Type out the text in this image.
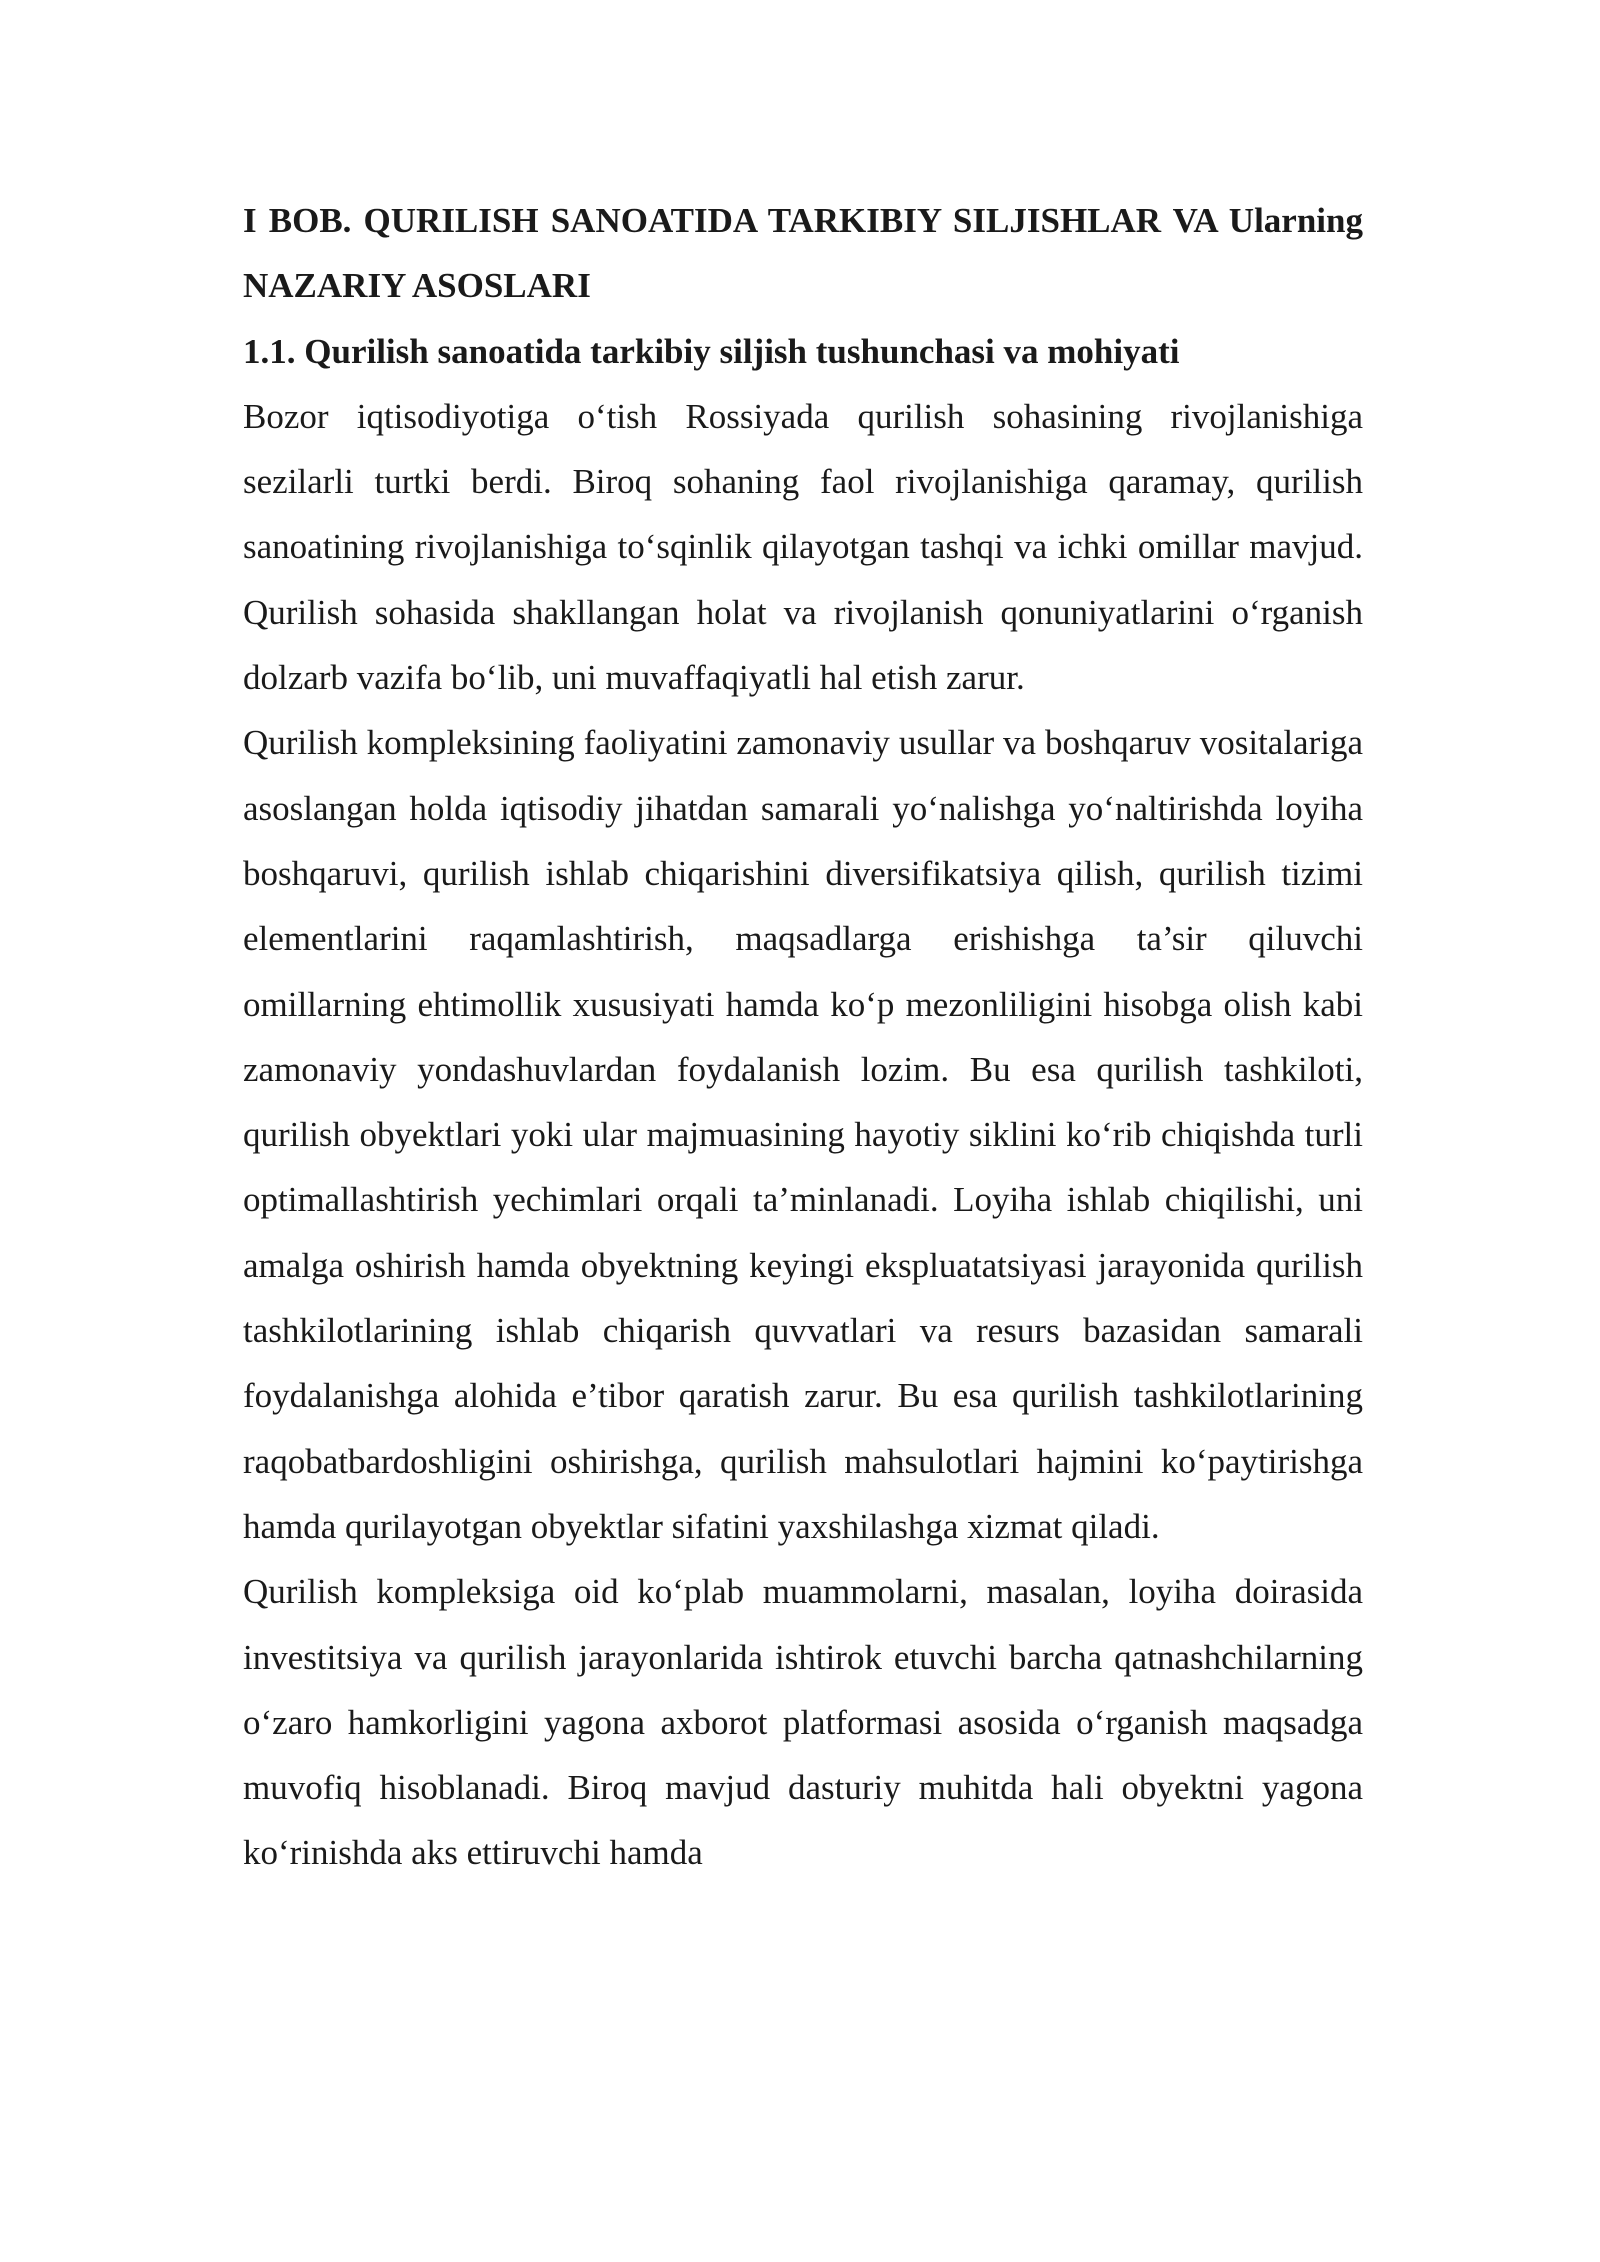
I BOB. QURILISH SANOATIDA TARKIBIY SILJISHLAR VA Ularning NAZARIY ASOSLARI

1.1. Qurilish sanoatida tarkibiy siljish tushunchasi va mohiyati

Bozor iqtisodiyotiga o‘tish Rossiyada qurilish sohasining rivojlanishiga sezilarli turtki berdi. Biroq sohaning faol rivojlanishiga qaramay, qurilish sanoatining rivojlanishiga to‘sqinlik qilayotgan tashqi va ichki omillar mavjud. Qurilish sohasida shakllangan holat va rivojlanish qonuniyatlarini o‘rganish dolzarb vazifa bo‘lib, uni muvaffaqiyatli hal etish zarur.

Qurilish kompleksining faoliyatini zamonaviy usullar va boshqaruv vositalariga asoslangan holda iqtisodiy jihatdan samarali yo‘nalishga yo‘naltirishda loyiha boshqaruvi, qurilish ishlab chiqarishini diversifikatsiya qilish, qurilish tizimi elementlarini raqamlashtirish, maqsadlarga erishishga ta’sir qiluvchi omillarning ehtimollik xususiyati hamda ko‘p mezonliligini hisobga olish kabi zamonaviy yondashuvlardan foydalanish lozim. Bu esa qurilish tashkiloti, qurilish obyektlari yoki ular majmuasining hayotiy siklini ko‘rib chiqishda turli optimallashtirish yechimlari orqali ta’minlanadi. Loyiha ishlab chiqilishi, uni amalga oshirish hamda obyektning keyingi ekspluatatsiyasi jarayonida qurilish tashkilotlarining ishlab chiqarish quvvatlari va resurs bazasidan samarali foydalanishga alohida e’tibor qaratish zarur. Bu esa qurilish tashkilotlarining raqobatbardoshligini oshirishga, qurilish mahsulotlari hajmini ko‘paytirishga hamda qurilayotgan obyektlar sifatini yaxshilashga xizmat qiladi.

Qurilish kompleksiga oid ko‘plab muammolarni, masalan, loyiha doirasida investitsiya va qurilish jarayonlarida ishtirok etuvchi barcha qatnashchilarning o‘zaro hamkorligini yagona axborot platformasi asosida o‘rganish maqsadga muvofiq hisoblanadi. Biroq mavjud dasturiy muhitda hali obyektni yagona ko‘rinishda aks ettiruvchi hamda
